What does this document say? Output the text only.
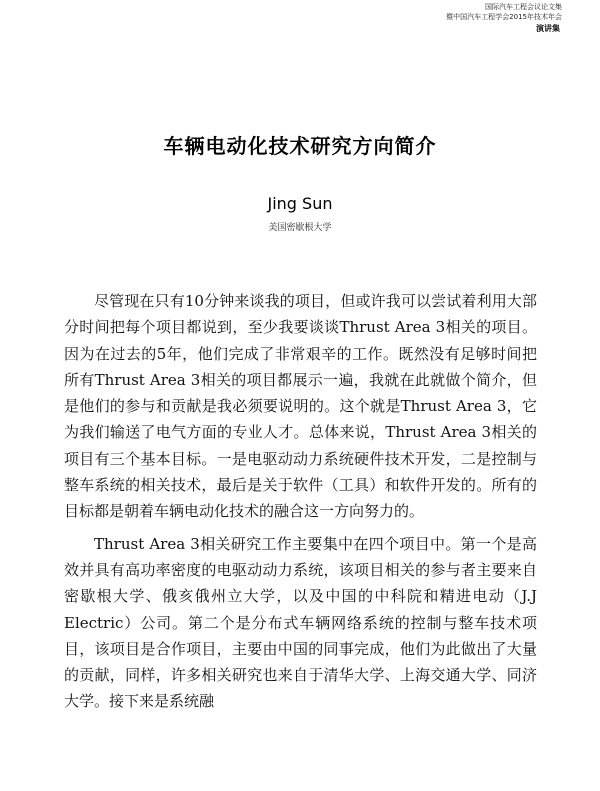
国际汽车工程会议论文集
暨中国汽车工程学会2015年技术年会
演讲集
车辆电动化技术研究方向简介
Jing Sun
美国密歇根大学

尽管现在只有10分钟来谈我的项目，但或许我可以尝试着利用大部分时间把每个项目都说到，至少我要谈谈Thrust Area 3相关的项目。因为在过去的5年，他们完成了非常艰辛的工作。既然没有足够时间把所有Thrust Area 3相关的项目都展示一遍，我就在此就做个简介，但是他们的参与和贡献是我必须要说明的。这个就是Thrust Area 3，它为我们输送了电气方面的专业人才。总体来说，Thrust Area 3相关的项目有三个基本目标。一是电驱动动力系统硬件技术开发，二是控制与整车系统的相关技术，最后是关于软件（工具）和软件开发的。所有的目标都是朝着车辆电动化技术的融合这一方向努力的。

Thrust Area 3相关研究工作主要集中在四个项目中。第一个是高效并具有高功率密度的电驱动动力系统，该项目相关的参与者主要来自密歇根大学、俄亥俄州立大学，以及中国的中科院和精进电动（J.J Electric）公司。第二个是分布式车辆网络系统的控制与整车技术项目，该项目是合作项目，主要由中国的同事完成，他们为此做出了大量的贡献，同样，许多相关研究也来自于清华大学、上海交通大学、同济大学。接下来是系统融
